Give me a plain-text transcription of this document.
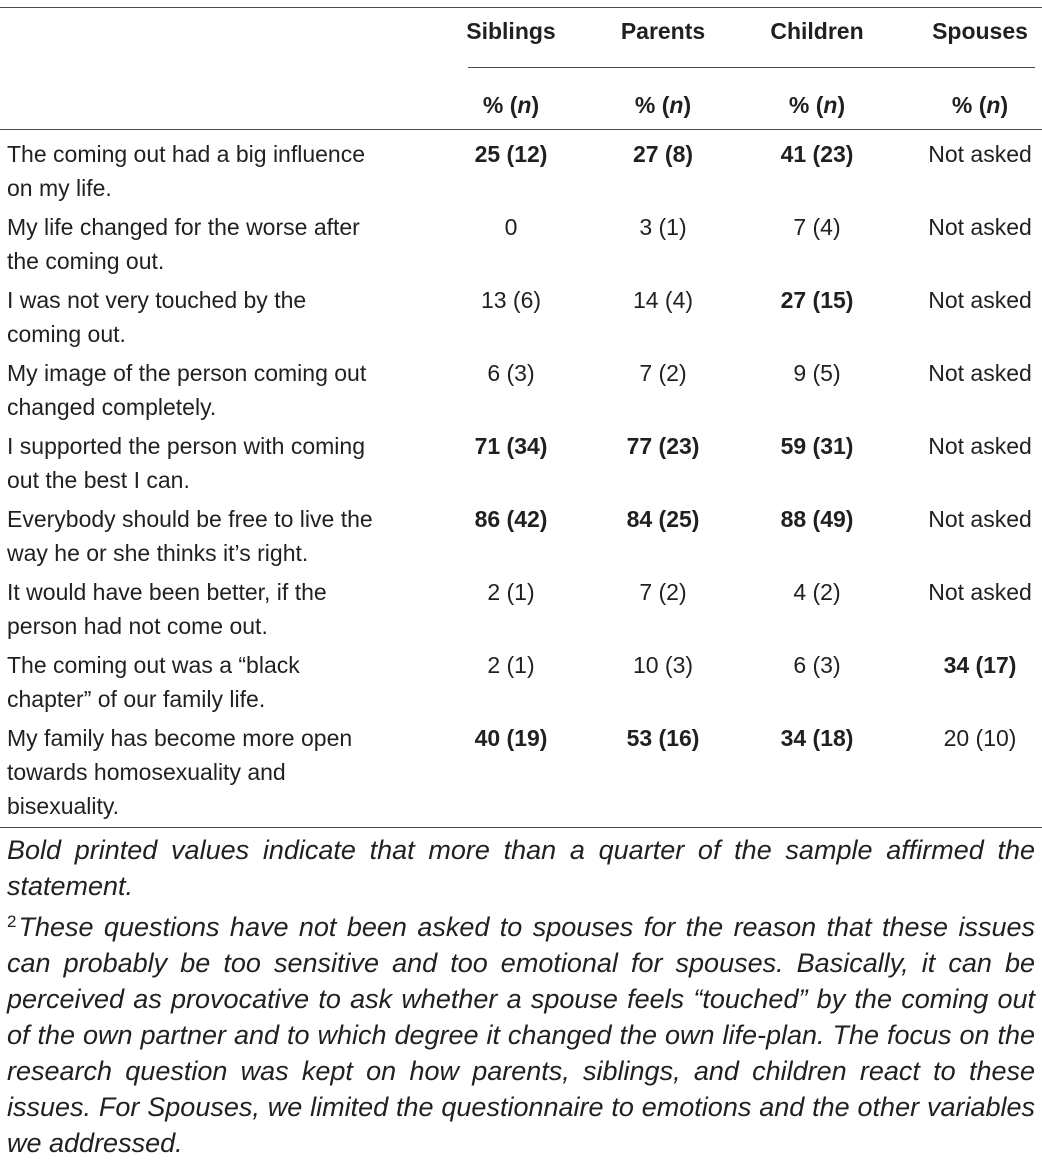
Siblings	Parents	Children	Spouses
% (n)	% (n)	% (n)	% (n)
The coming out had a big influence
on my life.
25 (12)	27 (8)	41 (23)	Not asked
My life changed for the worse after
the coming out.
0	3 (1)	7 (4)	Not asked
I was not very touched by the
coming out.
13 (6)	14 (4)	27 (15)	Not asked
My image of the person coming out
changed completely.
6 (3)	7 (2)	9 (5)	Not asked
I supported the person with coming
out the best I can.
71 (34)	77 (23)	59 (31)	Not asked
Everybody should be free to live the
way he or she thinks it’s right.
86 (42)	84 (25)	88 (49)	Not asked
It would have been better, if the
person had not come out.
2 (1)	7 (2)	4 (2)	Not asked
The coming out was a “black
chapter” of our family life.
2 (1)	10 (3)	6 (3)	34 (17)
My family has become more open
towards homosexuality and
bisexuality.
40 (19)	53 (16)	34 (18)	20 (10)
Bold printed values indicate that more than a quarter of the sample affirmed the statement.
$^2$These questions have not been asked to spouses for the reason that these issues can probably be too sensitive and too emotional for spouses. Basically, it can be perceived as provocative to ask whether a spouse feels “touched” by the coming out of the own partner and to which degree it changed the own life-plan. The focus on the research question was kept on how parents, siblings, and children react to these issues. For Spouses, we limited the questionnaire to emotions and the other variables we addressed.
